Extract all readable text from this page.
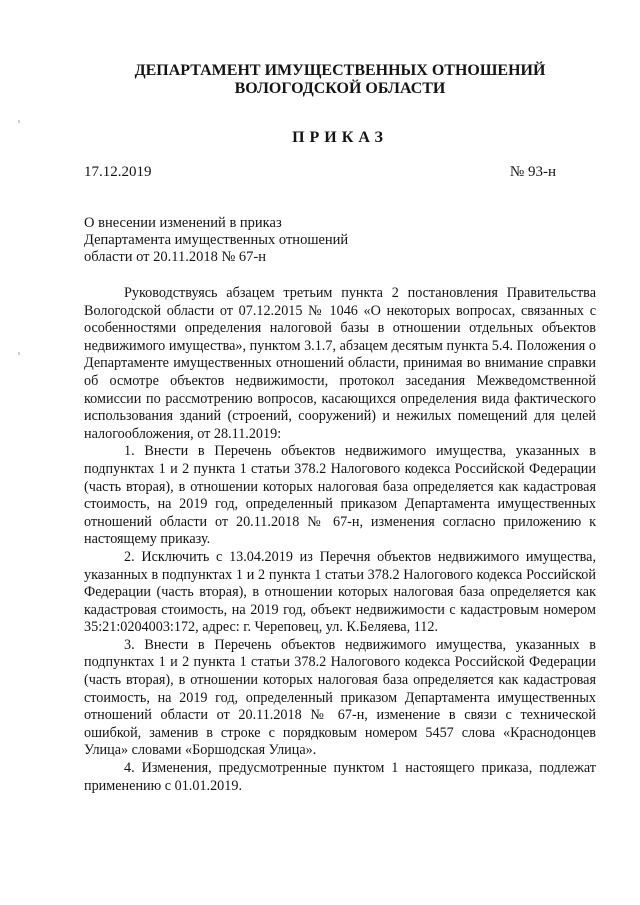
ДЕПАРТАМЕНТ ИМУЩЕСТВЕННЫХ ОТНОШЕНИЙ
ВОЛОГОДСКОЙ ОБЛАСТИ
ПРИКАЗ
17.12.2019	№ 93-н
О внесении изменений в приказ
Департамента имущественных отношений
области от 20.11.2018 № 67-н

Руководствуясь абзацем третьим пункта 2 постановления Правительства Вологодской области от 07.12.2015 № 1046 «О некоторых вопросах, связанных с особенностями определения налоговой базы в отношении отдельных объектов недвижимого имущества», пунктом 3.1.7, абзацем десятым пункта 5.4. Положения о Департаменте имущественных отношений области, принимая во внимание справки об осмотре объектов недвижимости, протокол заседания Межведомственной комиссии по рассмотрению вопросов, касающихся определения вида фактического использования зданий (строений, сооружений) и нежилых помещений для целей налогообложения, от 28.11.2019:

1. Внести в Перечень объектов недвижимого имущества, указанных в подпунктах 1 и 2 пункта 1 статьи 378.2 Налогового кодекса Российской Федерации (часть вторая), в отношении которых налоговая база определяется как кадастровая стоимость, на 2019 год, определенный приказом Департамента имущественных отношений области от 20.11.2018 № 67-н, изменения согласно приложению к настоящему приказу.

2. Исключить с 13.04.2019 из Перечня объектов недвижимого имущества, указанных в подпунктах 1 и 2 пункта 1 статьи 378.2 Налогового кодекса Российской Федерации (часть вторая), в отношении которых налоговая база определяется как кадастровая стоимость, на 2019 год, объект недвижимости с кадастровым номером 35:21:0204003:172, адрес: г. Череповец, ул. К.Беляева, 112.

3. Внести в Перечень объектов недвижимого имущества, указанных в подпунктах 1 и 2 пункта 1 статьи 378.2 Налогового кодекса Российской Федерации (часть вторая), в отношении которых налоговая база определяется как кадастровая стоимость, на 2019 год, определенный приказом Департамента имущественных отношений области от 20.11.2018 № 67-н, изменение в связи с технической ошибкой, заменив в строке с порядковым номером 5457 слова «Краснодонцев Улица» словами «Боршодская Улица».

4. Изменения, предусмотренные пунктом 1 настоящего приказа, подлежат применению с 01.01.2019.
